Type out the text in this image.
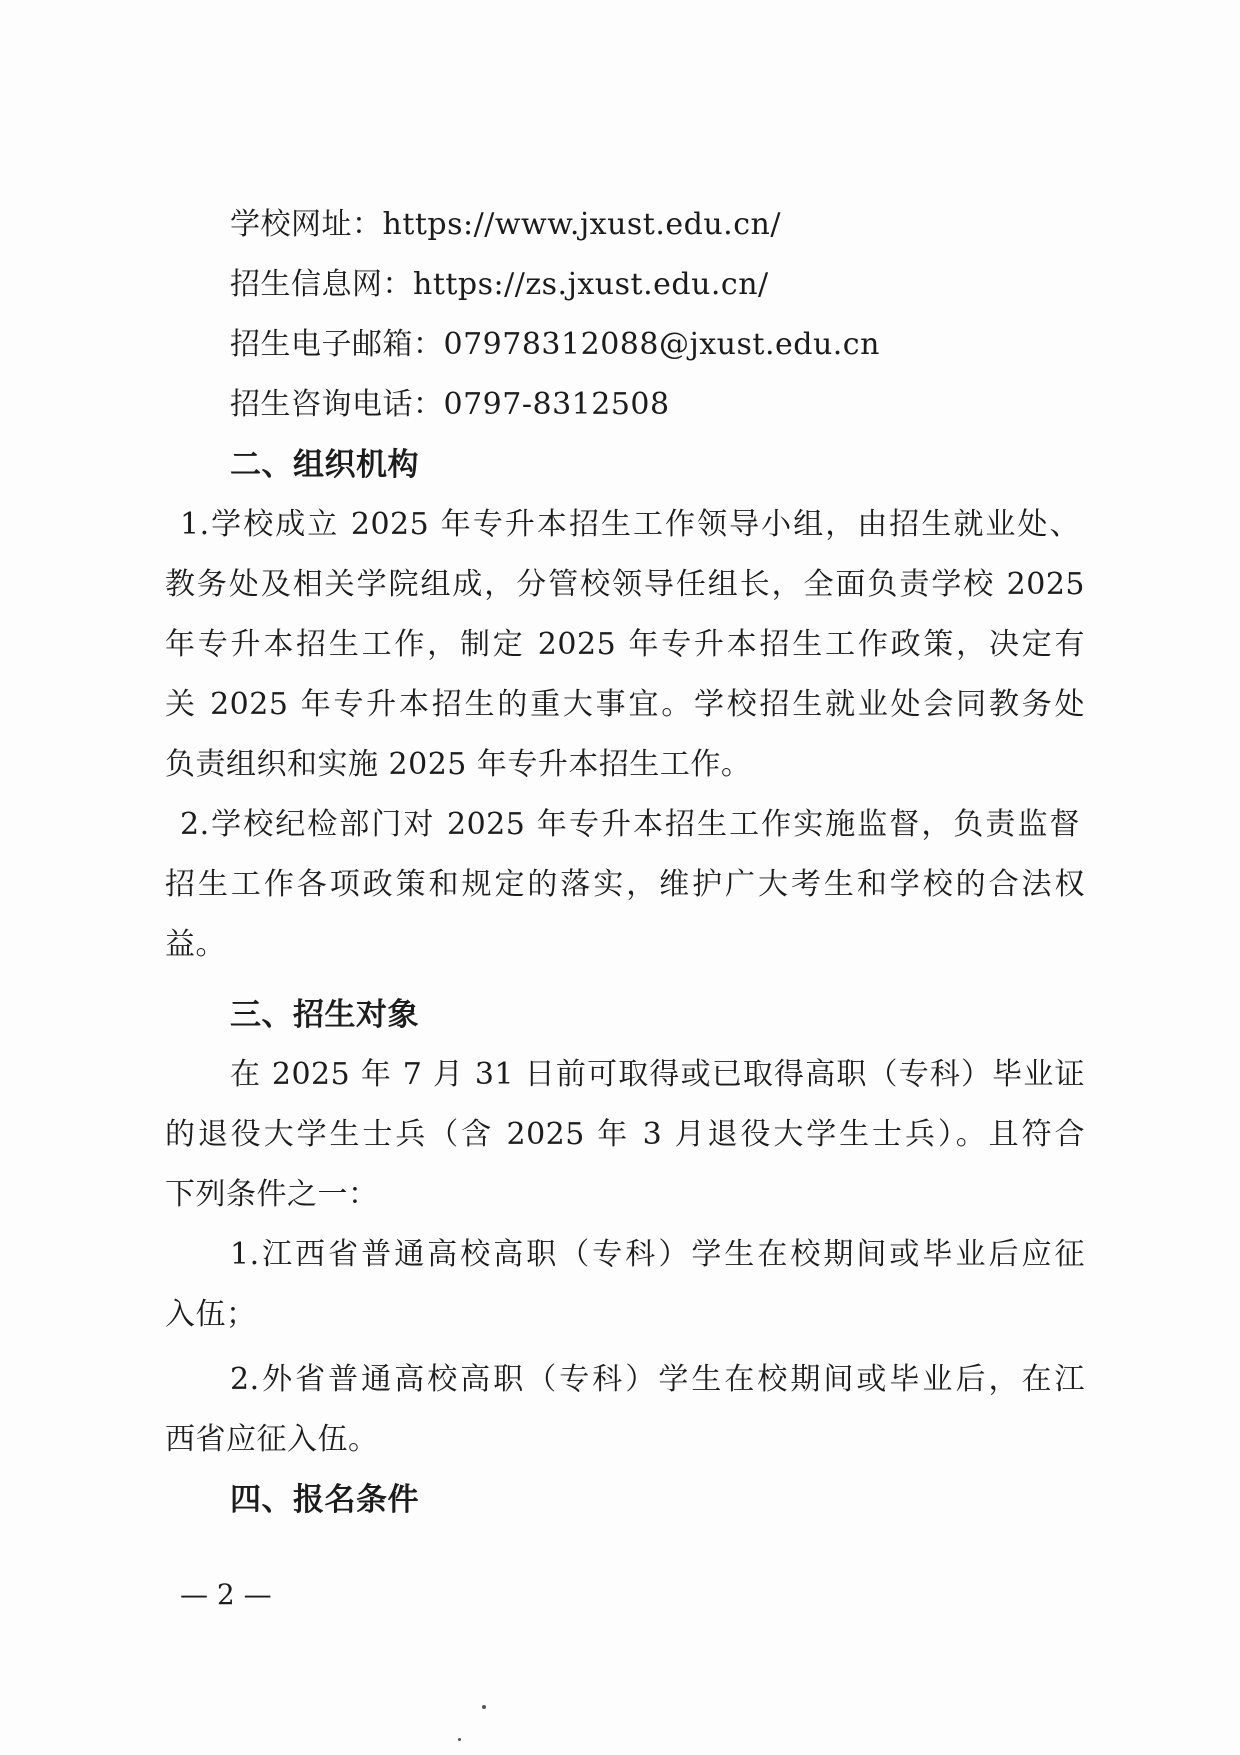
学校网址：https://www.jxust.edu.cn/
招生信息网：https://zs.jxust.edu.cn/
招生电子邮箱：07978312088@jxust.edu.cn
招生咨询电话：0797-8312508
二、组织机构
1.学校成立 2025 年专升本招生工作领导小组，由招生就业处、
教务处及相关学院组成，分管校领导任组长，全面负责学校 2025
年专升本招生工作，制定 2025 年专升本招生工作政策，决定有
关 2025 年专升本招生的重大事宜。学校招生就业处会同教务处
负责组织和实施 2025 年专升本招生工作。
2.学校纪检部门对 2025 年专升本招生工作实施监督，负责监督
招生工作各项政策和规定的落实，维护广大考生和学校的合法权
益。
三、招生对象
在 2025 年 7 月 31 日前可取得或已取得高职（专科）毕业证
的退役大学生士兵（含 2025 年 3 月退役大学生士兵）。且符合
下列条件之一：
1.江西省普通高校高职（专科）学生在校期间或毕业后应征
入伍；
2.外省普通高校高职（专科）学生在校期间或毕业后，在江
西省应征入伍。
四、报名条件
— 2 —
